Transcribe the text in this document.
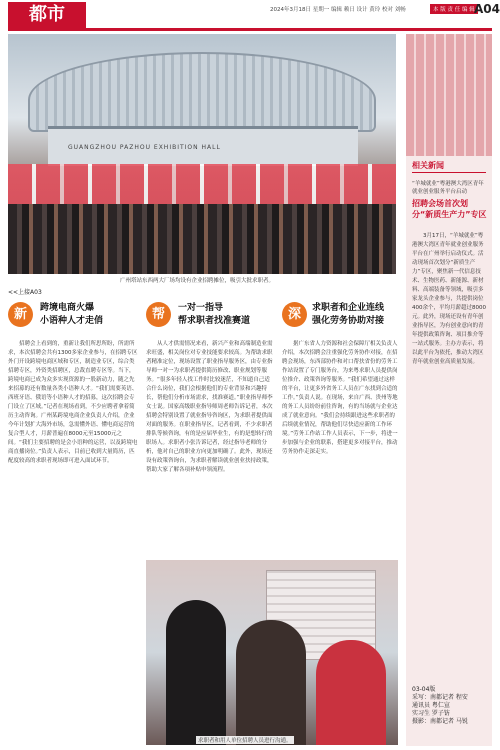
都市	2024年3月18日 星期一 编辑 赖日 设计 黄玲 校对 刘畅	本 版 责 任 编 辑 A04
GUANGZHOU PAZHOU EXHIBITION HALL
广州塔站东西两大厂场均设有企业招聘摊位，吸引大批求职者。
相关新闻
“羊城就业”粤港澳大湾区青年就业创业服务平台启动
招聘会场首次划分“新质生产力”专区
3月17日，“羊城就业”粤港澳大湾区青年就业创业服务平台在广州举行启动仪式。活动现场首次划分“新质生产力”专区，聚焦新一代信息技术、生物医药、新能源、新材料、高端装备等领域，吸引多家龙头企业参与，共提供岗位400余个，平均月薪超过8000元。此外，现场还设有青年创业指导区，为有创业意向的青年提供政策咨询、项目推介等一站式服务。主办方表示，将以此平台为依托，推动大湾区青年就业创业高质量发展。
03-04版
采写：南都记者 程安
通讯员 粤仁宣
实习生 罗子钫
摄影：南都记者 马锐
<<上接A03
新	跨境电商火爆
小语种人才走俏	帮	一对一指导
帮求职者找准赛道	深	求职者和企业连线
强化劳务协助对接
招聘会上看到的，重新让我们所思所盼，所需所求，本次招聘会共有1300多家企业参与，在招聘专区外门开设跨境电商区域和专区，制造业专区，综合类招聘专区，外资类招聘区，总裁直聘专区等。当下，跨境电商已成为众多实现资源的一股新动力，随之先来招募的还有数量各类小语种人才。“我们需要英语、西班牙语、俄语等小语种人才的招募，这次招聘会专门设立了区域。”记者在现场看到，不少应聘者拿着简历主动咨询。广州某跨境电商企业负责人介绍，企业今年计划扩大海外市场，急需懂外语、懂电商运营的复合型人才，月薪普遍在8000元至15000元之间。“我们主要招聘的是会小语种的运营，以及跨境电商直播岗位。”负责人表示，目前已收到大量简历，匹配度较高的求职者现场即可进入面试环节。
从人才供需情况来看，新兴产业和高端制造业需求旺盛，相关岗位对专业技能要求较高。为帮助求职者精准定位，现场设置了职业指导服务区，由专业指导师一对一为求职者提供简历修改、职业规划等服务。“很多年轻人找工作时比较迷茫，不知道自己适合什么岗位，我们会根据他们的专业背景和兴趣特长，帮他们分析市场需求，找准赛道。”职业指导师李女士说。国家高级职业指导师周老师告诉记者，本次招聘会特别设置了就业指导咨询区，为求职者提供面对面的服务。在职业指导区，记者看到，不少求职者排队等候咨询，有的是应届毕业生，有的是想转行的职场人。求职者小张告诉记者，经过指导老师的分析，他对自己的职业方向更加明确了。此外，现场还设有政策咨询台，为求职者解读就业创业扶持政策，帮助大家了解各项补贴申领流程。
据广东省人力资源和社会保障厅相关负责人介绍，本次招聘会注重强化劳务协作对接，在招聘会现场，东西部协作和对口帮扶省份的劳务工作站设置了专门服务台，为来粤求职人员提供岗位推介、政策咨询等服务。“我们希望通过这样的平台，让更多外省务工人员在广东找到合适的工作。”负责人说。在现场，来自广西、贵州等地的务工人员纷纷前往咨询，有的当场就与企业达成了就业意向。“我们会持续跟进这些求职者的后续就业情况，帮助他们尽快适应新的工作环境。”劳务工作站工作人员表示，下一步，将进一步加强与企业的联系，搭建更多对接平台，推动劳务协作走深走实。
求职者和用人单位招聘人员进行沟通。
